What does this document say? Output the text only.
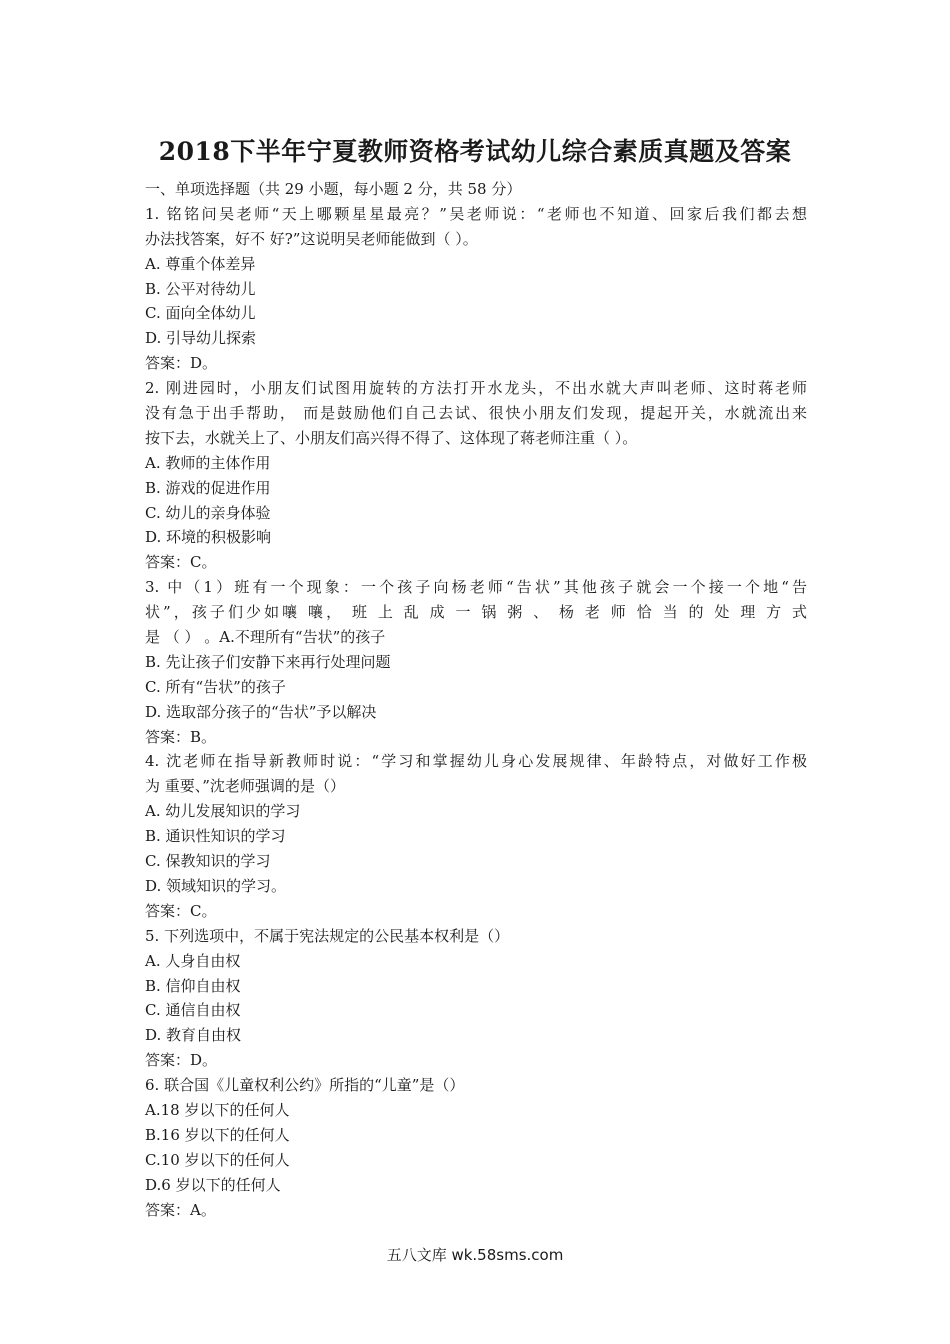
2018下半年宁夏教师资格考试幼儿综合素质真题及答案
一、单项选择题（共 29 小题，每小题 2 分，共 58 分）
1. 铭铭问吴老师“天上哪颗星星最亮？”吴老师说：“老师也不知道、回家后我们都去想
办法找答案，好不 好?”这说明吴老师能做到（ ）。
A. 尊重个体差异
B. 公平对待幼儿
C. 面向全体幼儿
D. 引导幼儿探索
答案：D。
2. 刚进园时，小朋友们试图用旋转的方法打开水龙头，不出水就大声叫老师、这时蒋老师
没有急于出手帮助， 而是鼓励他们自己去试、很快小朋友们发现，提起开关，水就流出来
按下去，水就关上了、小朋友们高兴得不得了、这体现了蒋老师注重（ ）。
A. 教师的主体作用
B. 游戏的促进作用
C. 幼儿的亲身体验
D. 环境的积极影响
答案：C。
3. 中（1）班有一个现象：一个孩子向杨老师“告状”其他孩子就会一个接一个地“告
状”，孩子们少如嚷 嚷， 班 上 乱 成 一 锅 粥 、 杨 老 师 恰 当 的 处 理 方 式
是 （ ） 。A.不理所有“告状”的孩子
B. 先让孩子们安静下来再行处理问题
C. 所有“告状”的孩子
D. 选取部分孩子的“告状”予以解决
答案：B。
4. 沈老师在指导新教师时说：“学习和掌握幼儿身心发展规律、年龄特点，对做好工作极
为 重要、”沈老师强调的是（）
A. 幼儿发展知识的学习
B. 通识性知识的学习
C. 保教知识的学习
D. 领域知识的学习。
答案：C。
5. 下列选项中，不属于宪法规定的公民基本权利是（）
A. 人身自由权
B. 信仰自由权
C. 通信自由权
D. 教育自由权
答案：D。
6. 联合国《儿童权利公约》所指的“儿童”是（）
A.18 岁以下的任何人
B.16 岁以下的任何人
C.10 岁以下的任何人
D.6 岁以下的任何人
答案：A。
五八文库 wk.58sms.com
